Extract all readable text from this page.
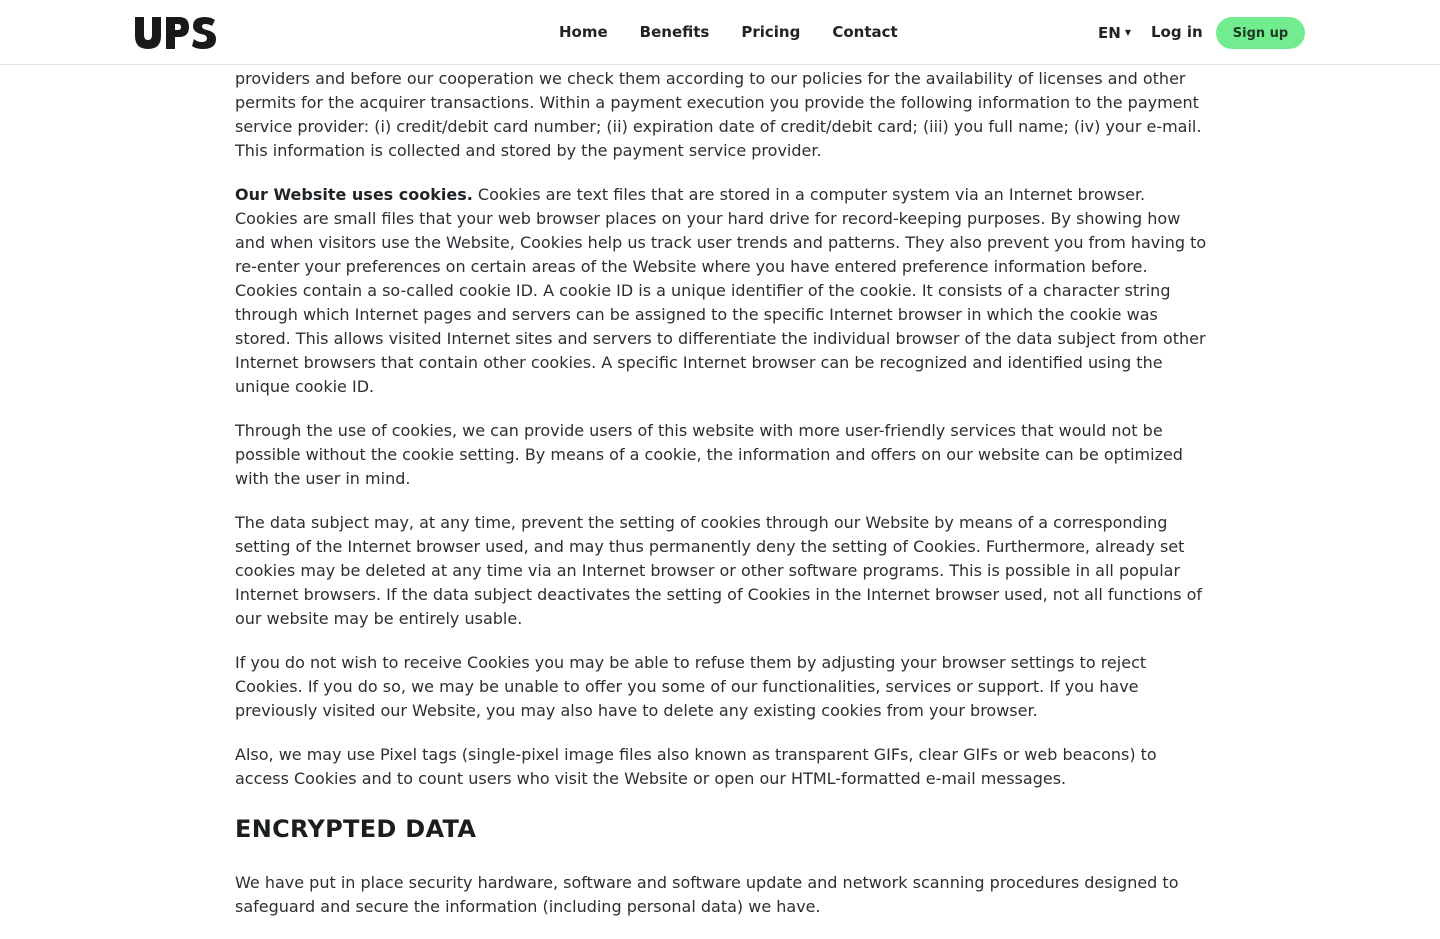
Home Benefits Pricing Contact	EN ▼ Log in	Sign up

providers and before our cooperation we check them according to our policies for the availability of licenses and other permits for the acquirer transactions. Within a payment execution you provide the following information to the payment service provider: (i) credit/debit card number; (ii) expiration date of credit/debit card; (iii) you full name; (iv) your e-mail. This information is collected and stored by the payment service provider.

Our Website uses cookies. Cookies are text files that are stored in a computer system via an Internet browser. Cookies are small files that your web browser places on your hard drive for record-keeping purposes. By showing how and when visitors use the Website, Cookies help us track user trends and patterns. They also prevent you from having to re-enter your preferences on certain areas of the Website where you have entered preference information before. Cookies contain a so-called cookie ID. A cookie ID is a unique identifier of the cookie. It consists of a character string through which Internet pages and servers can be assigned to the specific Internet browser in which the cookie was stored. This allows visited Internet sites and servers to differentiate the individual browser of the data subject from other Internet browsers that contain other cookies. A specific Internet browser can be recognized and identified using the unique cookie ID.

Through the use of cookies, we can provide users of this website with more user-friendly services that would not be possible without the cookie setting. By means of a cookie, the information and offers on our website can be optimized with the user in mind.

The data subject may, at any time, prevent the setting of cookies through our Website by means of a corresponding setting of the Internet browser used, and may thus permanently deny the setting of Cookies. Furthermore, already set cookies may be deleted at any time via an Internet browser or other software programs. This is possible in all popular Internet browsers. If the data subject deactivates the setting of Cookies in the Internet browser used, not all functions of our website may be entirely usable.

If you do not wish to receive Cookies you may be able to refuse them by adjusting your browser settings to reject Cookies. If you do so, we may be unable to offer you some of our functionalities, services or support. If you have previously visited our Website, you may also have to delete any existing cookies from your browser.

Also, we may use Pixel tags (single-pixel image files also known as transparent GIFs, clear GIFs or web beacons) to access Cookies and to count users who visit the Website or open our HTML-formatted e-mail messages.

ENCRYPTED DATA

We have put in place security hardware, software and software update and network scanning procedures designed to safeguard and secure the information (including personal data) we have.
